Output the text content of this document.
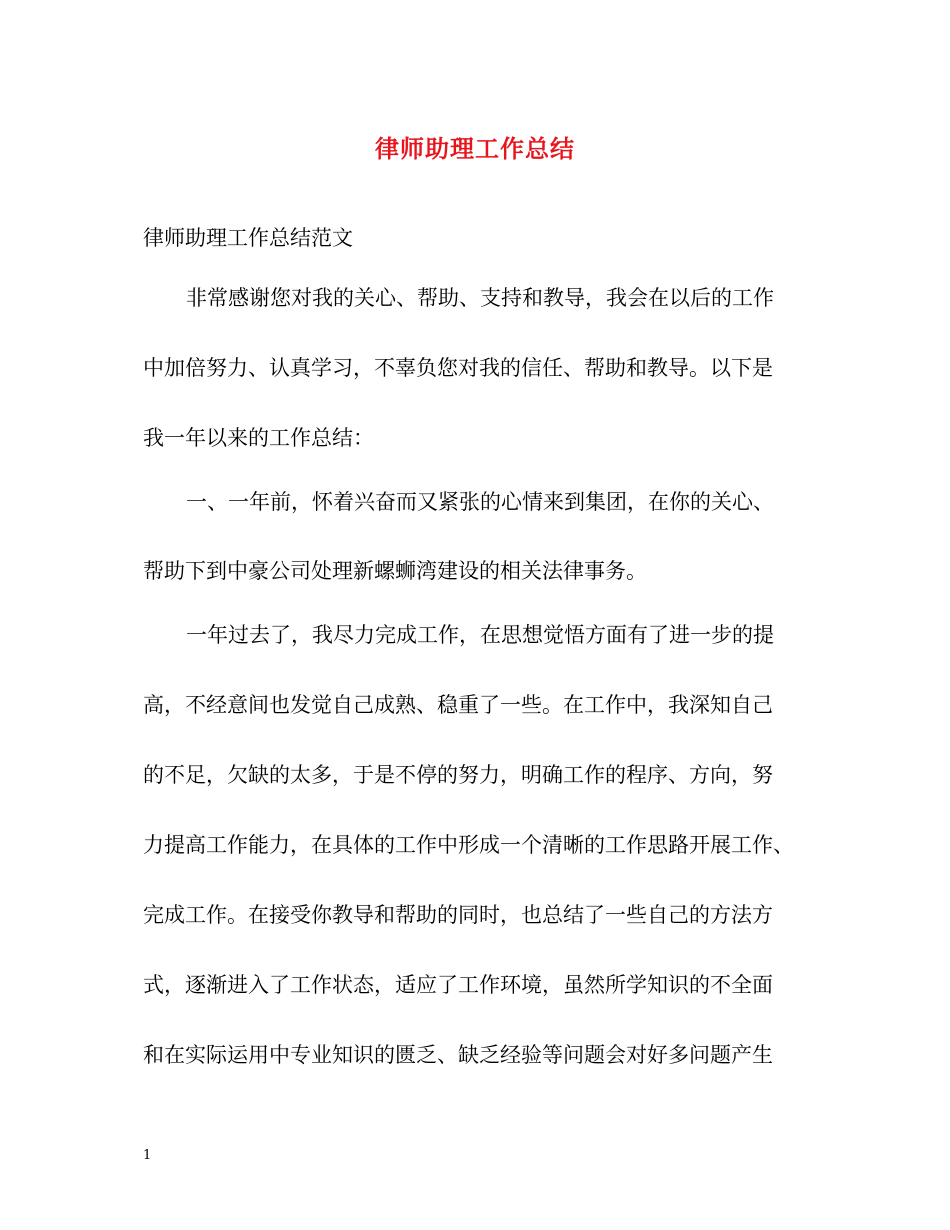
律师助理工作总结
律师助理工作总结范文
非常感谢您对我的关心、帮助、支持和教导，我会在以后的工作
中加倍努力、认真学习，不辜负您对我的信任、帮助和教导。以下是
我一年以来的工作总结：
一、一年前，怀着兴奋而又紧张的心情来到集团，在你的关心、
帮助下到中豪公司处理新螺蛳湾建设的相关法律事务。
一年过去了，我尽力完成工作，在思想觉悟方面有了进一步的提
高，不经意间也发觉自己成熟、稳重了一些。在工作中，我深知自己
的不足，欠缺的太多，于是不停的努力，明确工作的程序、方向，努
力提高工作能力，在具体的工作中形成一个清晰的工作思路开展工作、
完成工作。在接受你教导和帮助的同时，也总结了一些自己的方法方
式，逐渐进入了工作状态，适应了工作环境，虽然所学知识的不全面
和在实际运用中专业知识的匮乏、缺乏经验等问题会对好多问题产生
1
